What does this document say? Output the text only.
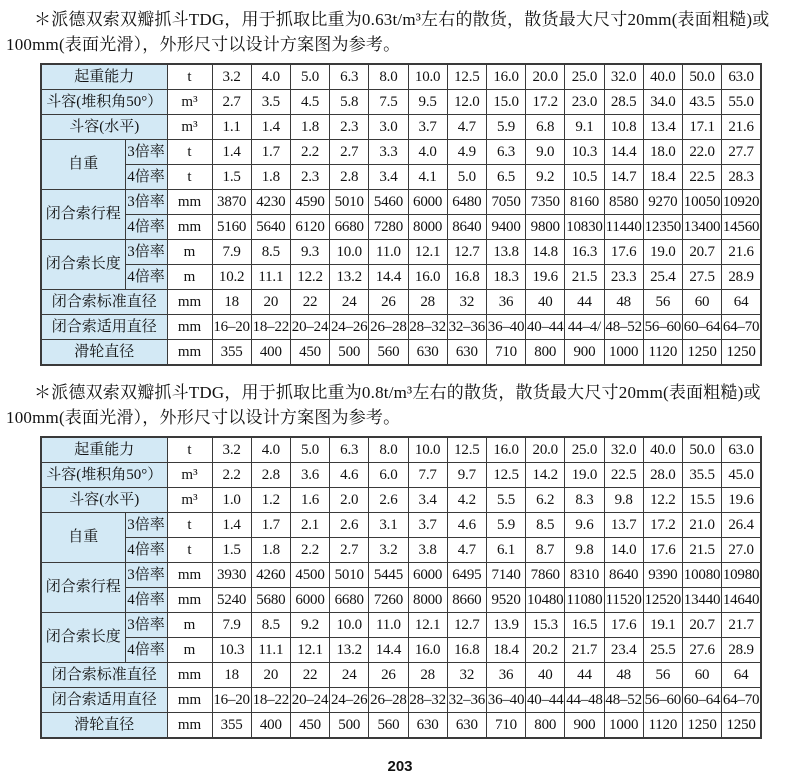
＊派德双索双瓣抓斗TDG，用于抓取比重为0.63t/m³左右的散货，散货最大尺寸20mm(表面粗糙)或100mm(表面光滑），外形尺寸以设计方案图为参考。

起重能力		t	3.2	4.0	5.0	6.3	8.0	10.0	12.5	16.0	20.0	25.0	32.0	40.0	50.0	63.0
斗容(堆积角50°）		m³	2.7	3.5	4.5	5.8	7.5	9.5	12.0	15.0	17.2	23.0	28.5	34.0	43.5	55.0
斗容(水平)		m³	1.1	1.4	1.8	2.3	3.0	3.7	4.7	5.9	6.8	9.1	10.8	13.4	17.1	21.6
自重	3倍率	t	1.4	1.7	2.2	2.7	3.3	4.0	4.9	6.3	9.0	10.3	14.4	18.0	22.0	27.7
	4倍率	t	1.5	1.8	2.3	2.8	3.4	4.1	5.0	6.5	9.2	10.5	14.7	18.4	22.5	28.3
闭合索行程	3倍率	mm	3870	4230	4590	5010	5460	6000	6480	7050	7350	8160	8580	9270	10050	10920
	4倍率	mm	5160	5640	6120	6680	7280	8000	8640	9400	9800	10830	11440	12350	13400	14560
闭合索长度	3倍率	m	7.9	8.5	9.3	10.0	11.0	12.1	12.7	13.8	14.8	16.3	17.6	19.0	20.7	21.6
	4倍率	m	10.2	11.1	12.2	13.2	14.4	16.0	16.8	18.3	19.6	21.5	23.3	25.4	27.5	28.9
闭合索标准直径		mm	18	20	22	24	26	28	32	36	40	44	48	56	60	64
闭合索适用直径		mm	16–20	18–22	20–24	24–26	26–28	28–32	32–36	36–40	40–44	44–4/	48–52	56–60	60–64	64–70
滑轮直径		mm	355	400	450	500	560	630	630	710	800	900	1000	1120	1250	1250

＊派德双索双瓣抓斗TDG，用于抓取比重为0.8t/m³左右的散货，散货最大尺寸20mm(表面粗糙)或100mm(表面光滑），外形尺寸以设计方案图为参考。

起重能力		t	3.2	4.0	5.0	6.3	8.0	10.0	12.5	16.0	20.0	25.0	32.0	40.0	50.0	63.0
斗容(堆积角50°）		m³	2.2	2.8	3.6	4.6	6.0	7.7	9.7	12.5	14.2	19.0	22.5	28.0	35.5	45.0
斗容(水平)		m³	1.0	1.2	1.6	2.0	2.6	3.4	4.2	5.5	6.2	8.3	9.8	12.2	15.5	19.6
自重	3倍率	t	1.4	1.7	2.1	2.6	3.1	3.7	4.6	5.9	8.5	9.6	13.7	17.2	21.0	26.4
	4倍率	t	1.5	1.8	2.2	2.7	3.2	3.8	4.7	6.1	8.7	9.8	14.0	17.6	21.5	27.0
闭合索行程	3倍率	mm	3930	4260	4500	5010	5445	6000	6495	7140	7860	8310	8640	9390	10080	10980
	4倍率	mm	5240	5680	6000	6680	7260	8000	8660	9520	10480	11080	11520	12520	13440	14640
闭合索长度	3倍率	m	7.9	8.5	9.2	10.0	11.0	12.1	12.7	13.9	15.3	16.5	17.6	19.1	20.7	21.7
	4倍率	m	10.3	11.1	12.1	13.2	14.4	16.0	16.8	18.4	20.2	21.7	23.4	25.5	27.6	28.9
闭合索标准直径		mm	18	20	22	24	26	28	32	36	40	44	48	56	60	64
闭合索适用直径		mm	16–20	18–22	20–24	24–26	26–28	28–32	32–36	36–40	40–44	44–48	48–52	56–60	60–64	64–70
滑轮直径		mm	355	400	450	500	560	630	630	710	800	900	1000	1120	1250	1250
203
